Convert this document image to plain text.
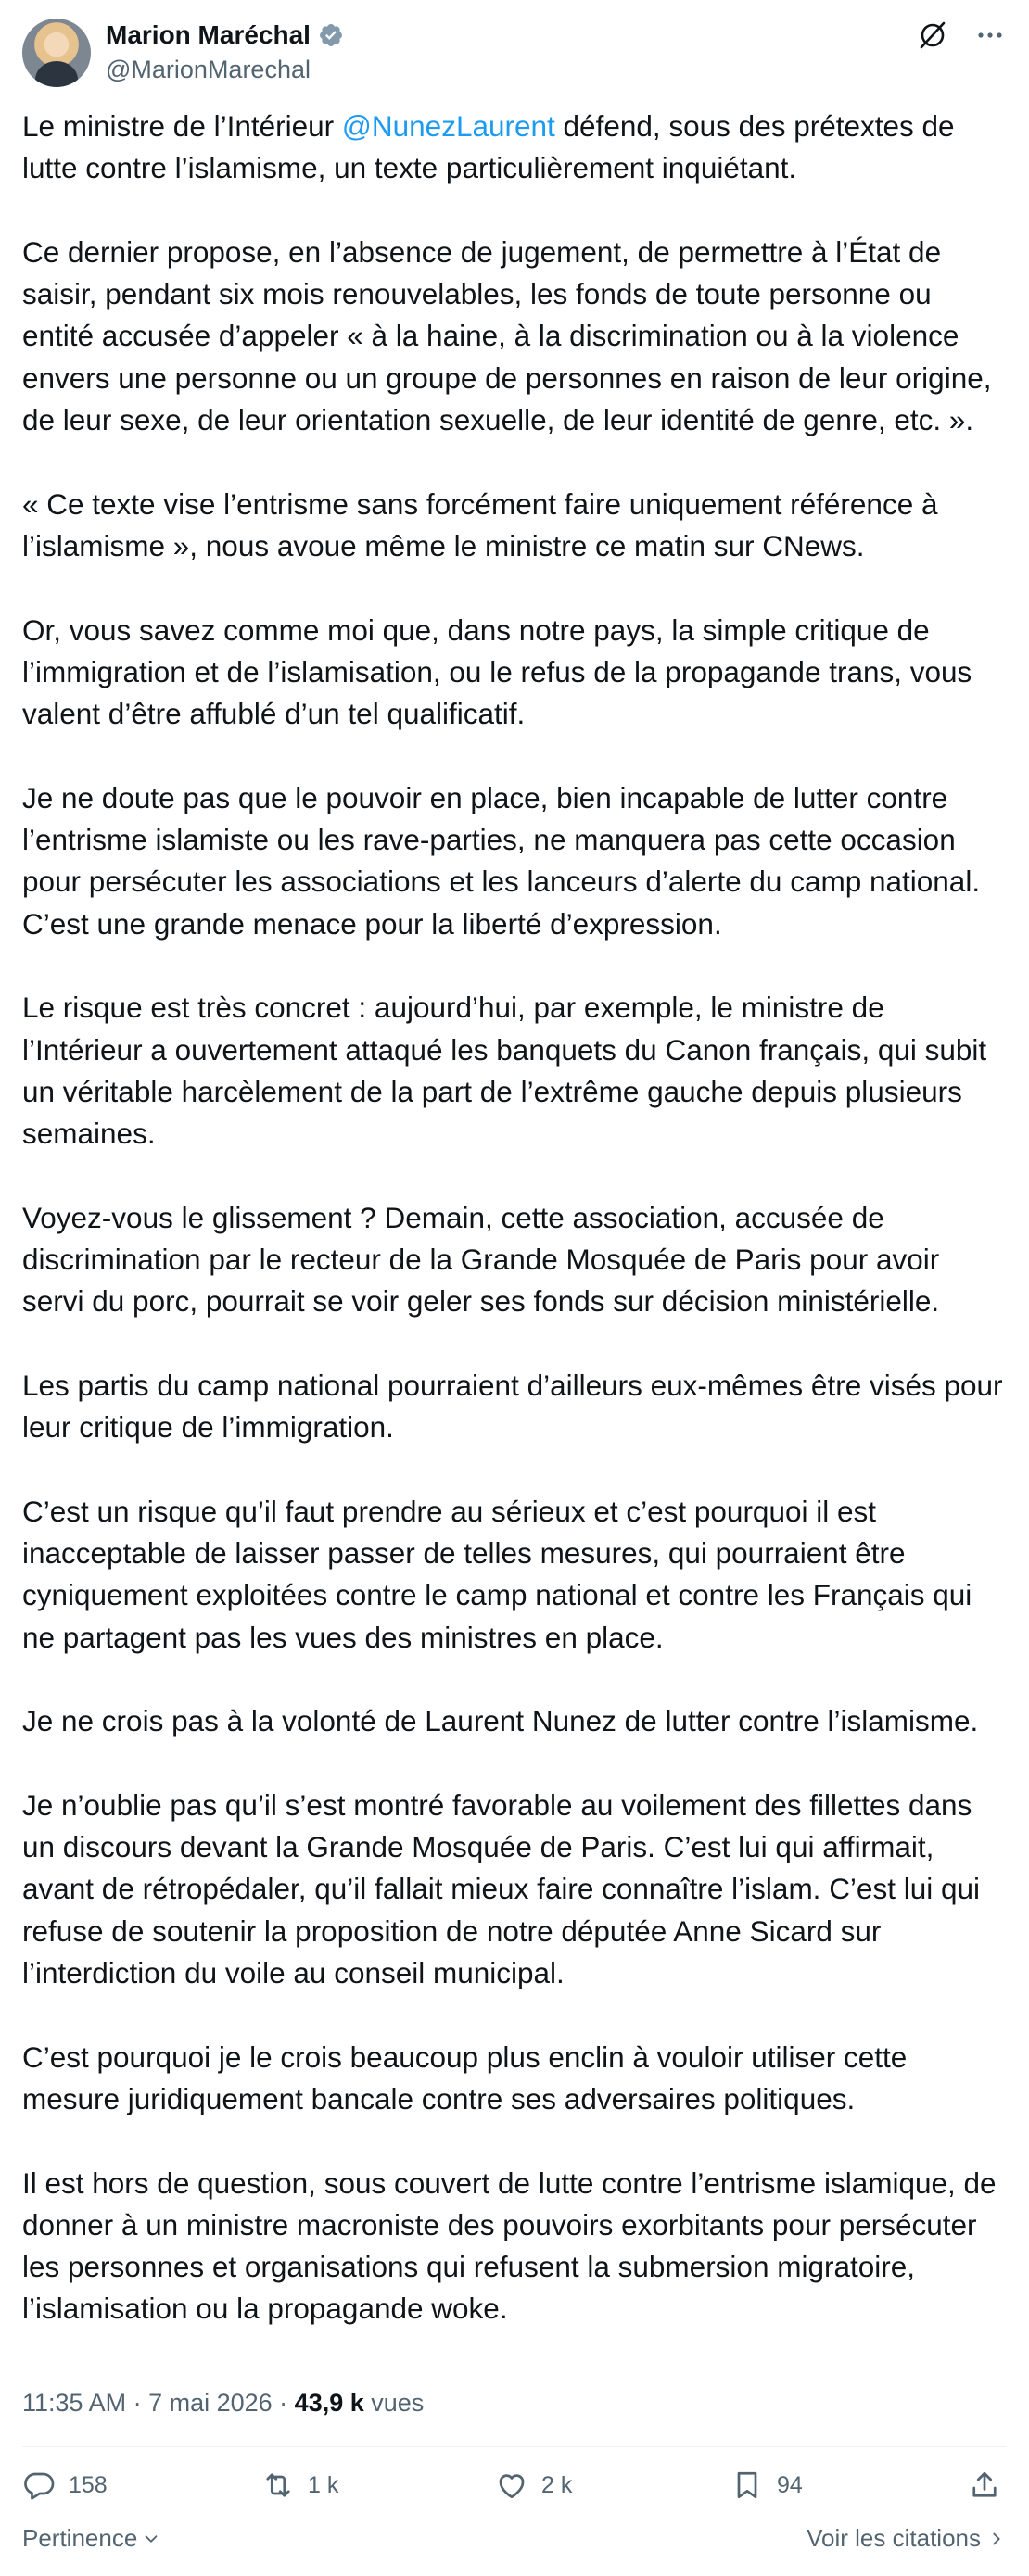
Marion Maréchal
@MarionMarechal

Le ministre de l’Intérieur @NunezLaurent défend, sous des prétextes de lutte contre l’islamisme, un texte particulièrement inquiétant.

Ce dernier propose, en l’absence de jugement, de permettre à l’État de saisir, pendant six mois renouvelables, les fonds de toute personne ou entité accusée d’appeler « à la haine, à la discrimination ou à la violence envers une personne ou un groupe de personnes en raison de leur origine, de leur sexe, de leur orientation sexuelle, de leur identité de genre, etc. ».

« Ce texte vise l’entrisme sans forcément faire uniquement référence à l’islamisme », nous avoue même le ministre ce matin sur CNews.

Or, vous savez comme moi que, dans notre pays, la simple critique de l’immigration et de l’islamisation, ou le refus de la propagande trans, vous valent d’être affublé d’un tel qualificatif.

Je ne doute pas que le pouvoir en place, bien incapable de lutter contre l’entrisme islamiste ou les rave-parties, ne manquera pas cette occasion pour persécuter les associations et les lanceurs d’alerte du camp national. C’est une grande menace pour la liberté d’expression.

Le risque est très concret : aujourd’hui, par exemple, le ministre de l’Intérieur a ouvertement attaqué les banquets du Canon français, qui subit un véritable harcèlement de la part de l’extrême gauche depuis plusieurs semaines.

Voyez-vous le glissement ? Demain, cette association, accusée de discrimination par le recteur de la Grande Mosquée de Paris pour avoir servi du porc, pourrait se voir geler ses fonds sur décision ministérielle.

Les partis du camp national pourraient d’ailleurs eux-mêmes être visés pour leur critique de l’immigration.

C’est un risque qu’il faut prendre au sérieux et c’est pourquoi il est inacceptable de laisser passer de telles mesures, qui pourraient être cyniquement exploitées contre le camp national et contre les Français qui ne partagent pas les vues des ministres en place.

Je ne crois pas à la volonté de Laurent Nunez de lutter contre l’islamisme.

Je n’oublie pas qu’il s’est montré favorable au voilement des fillettes dans un discours devant la Grande Mosquée de Paris. C’est lui qui affirmait, avant de rétropédaler, qu’il fallait mieux faire connaître l’islam. C’est lui qui refuse de soutenir la proposition de notre députée Anne Sicard sur l’interdiction du voile au conseil municipal.

C’est pourquoi je le crois beaucoup plus enclin à vouloir utiliser cette mesure juridiquement bancale contre ses adversaires politiques.

Il est hors de question, sous couvert de lutte contre l’entrisme islamique, de donner à un ministre macroniste des pouvoirs exorbitants pour persécuter les personnes et organisations qui refusent la submersion migratoire, l’islamisation ou la propagande woke.

11:35 AM · 7 mai 2026 · 43,9 k vues
158	1 k	2 k	94
Pertinence	Voir les citations
